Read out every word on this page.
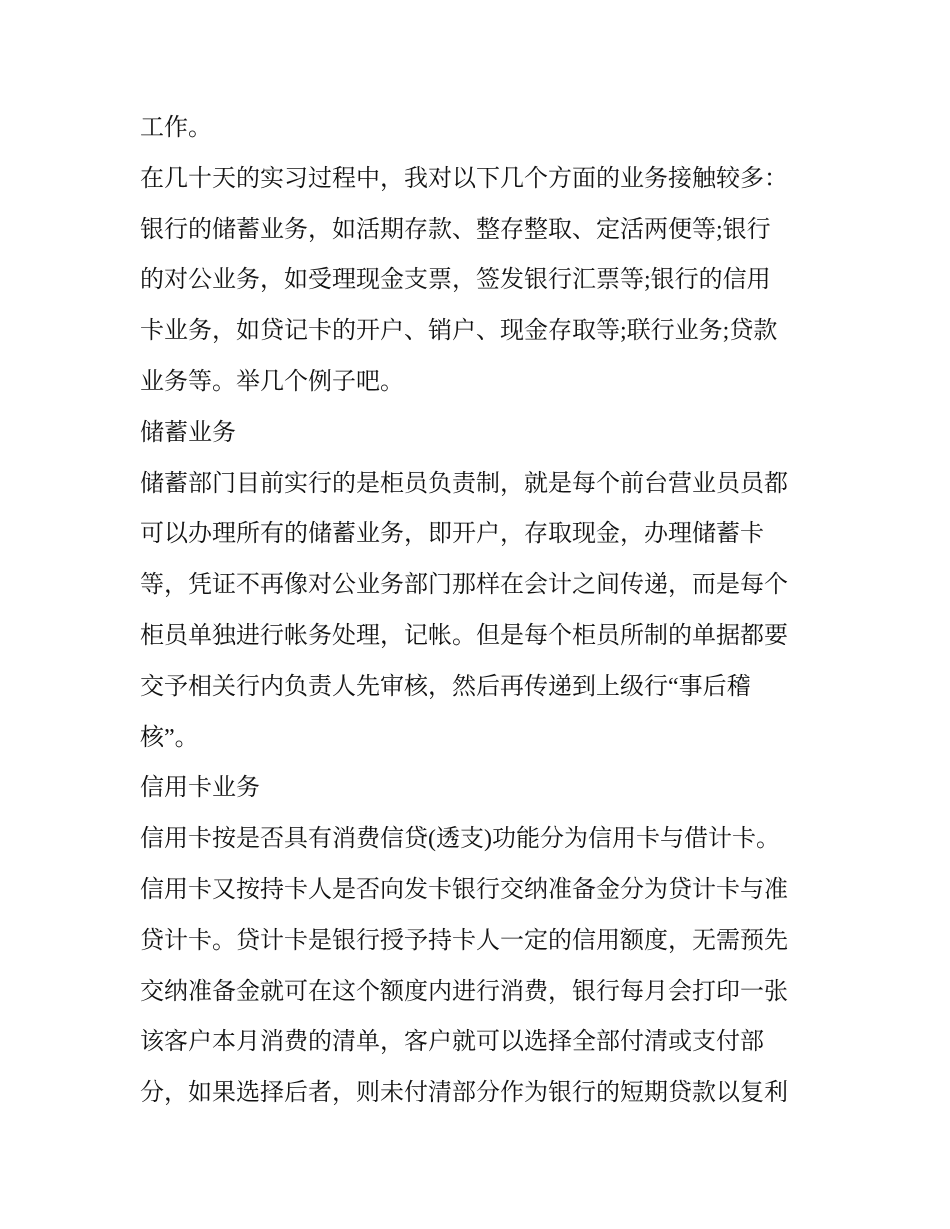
工作。
在几十天的实习过程中，我对以下几个方面的业务接触较多：
银行的储蓄业务，如活期存款、整存整取、定活两便等;银行
的对公业务，如受理现金支票，签发银行汇票等;银行的信用
卡业务，如贷记卡的开户、销户、现金存取等;联行业务;贷款
业务等。举几个例子吧。
储蓄业务
储蓄部门目前实行的是柜员负责制，就是每个前台营业员员都
可以办理所有的储蓄业务，即开户，存取现金，办理储蓄卡
等，凭证不再像对公业务部门那样在会计之间传递，而是每个
柜员单独进行帐务处理，记帐。但是每个柜员所制的单据都要
交予相关行内负责人先审核，然后再传递到上级行“事后稽
核”。
信用卡业务
信用卡按是否具有消费信贷(透支)功能分为信用卡与借计卡。
信用卡又按持卡人是否向发卡银行交纳准备金分为贷计卡与准
贷计卡。贷计卡是银行授予持卡人一定的信用额度，无需预先
交纳准备金就可在这个额度内进行消费，银行每月会打印一张
该客户本月消费的清单，客户就可以选择全部付清或支付部
分，如果选择后者，则未付清部分作为银行的短期贷款以复利
